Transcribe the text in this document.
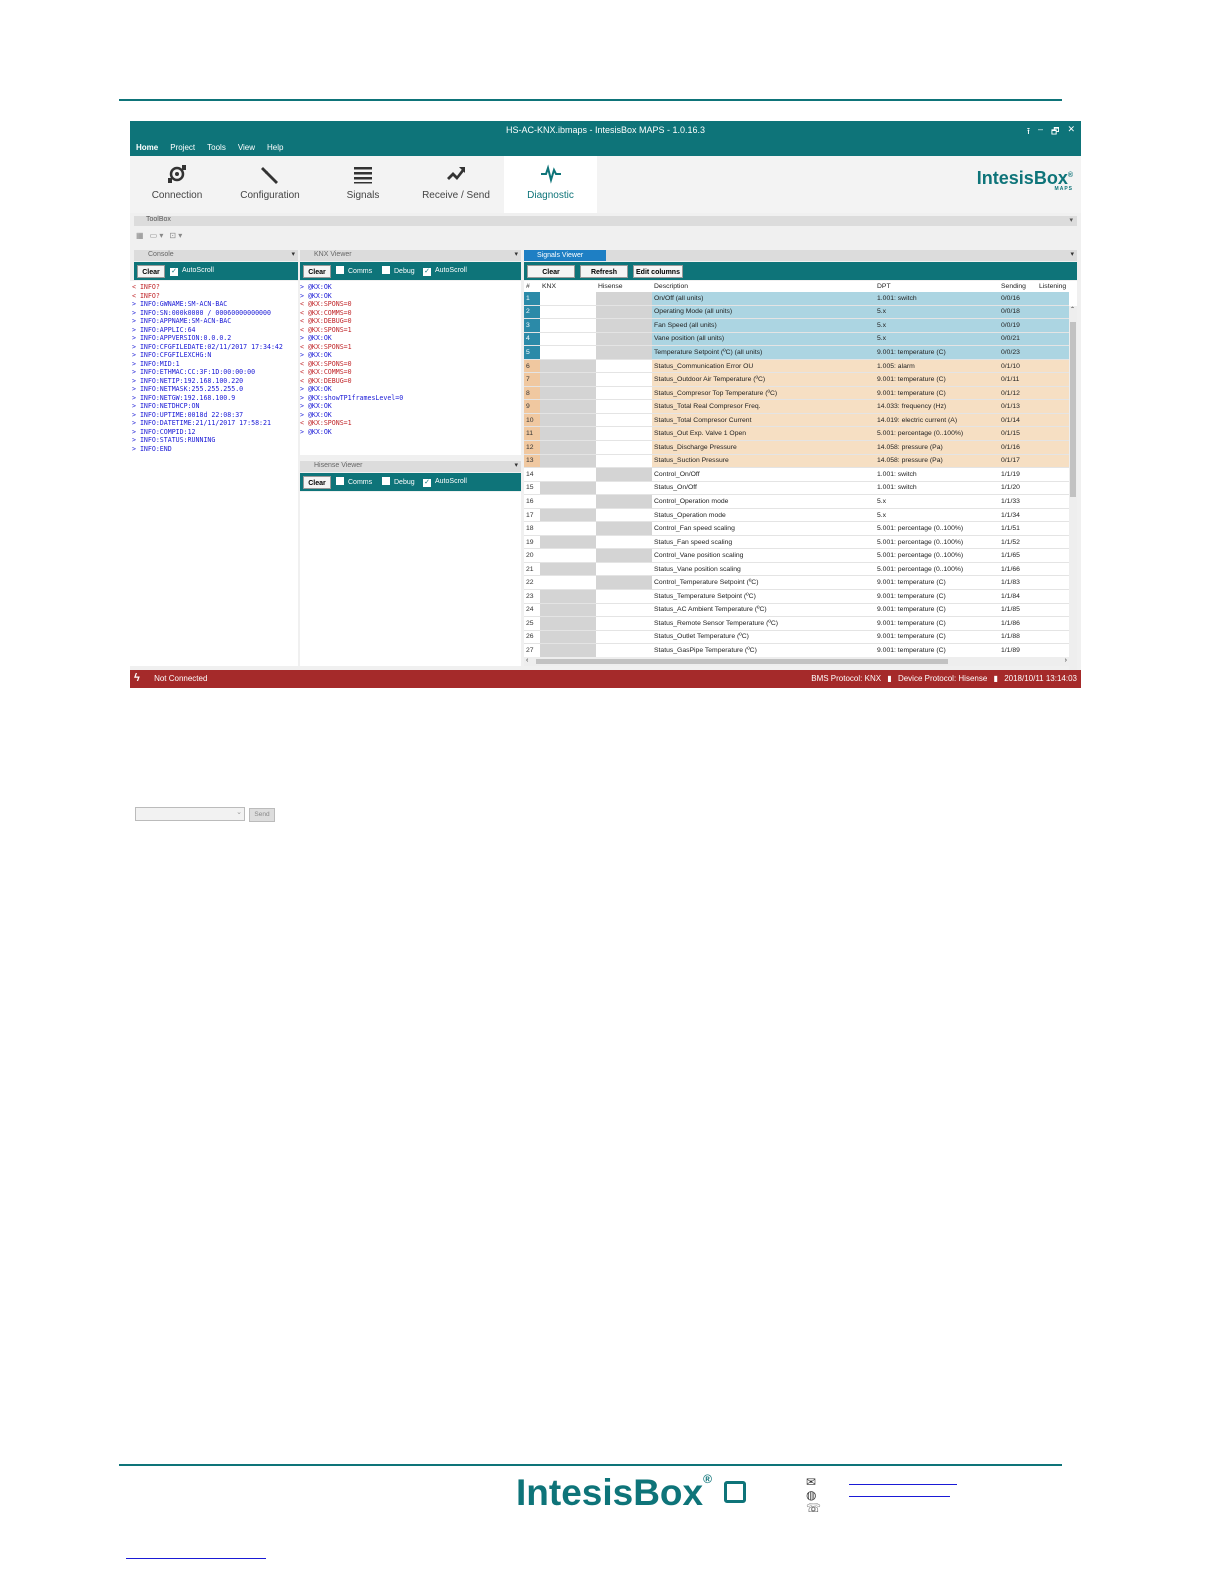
HS-AC-KNX.ibmaps - IntesisBox MAPS - 1.0.16.3	⭱ ‒ 🗗 ✕
Home Project Tools View Help
Connection	Configuration	Signals	Receive / Send	Diagnostic
IntesisBox®
MAPS
ToolBox	▾
▦ ▭ ▾ ⊡ ▾
Console	▾
Clear	✓ AutoScroll
< INFO?
< INFO?
> INFO:GWNAME:SM-ACN-BAC
> INFO:SN:000k0000 / 00060000000000
> INFO:APPNAME:SM-ACN-BAC
> INFO:APPLIC:64
> INFO:APPVERSION:0.0.0.2
> INFO:CFGFILEDATE:02/11/2017 17:34:42
> INFO:CFGFILEXCHG:N
> INFO:MID:1
> INFO:ETHMAC:CC:3F:1D:00:00:00
> INFO:NETIP:192.168.100.220
> INFO:NETMASK:255.255.255.0
> INFO:NETGW:192.168.100.9
> INFO:NETDHCP:ON
> INFO:UPTIME:0018d 22:08:37
> INFO:DATETIME:21/11/2017 17:58:21
> INFO:COMPID:12
> INFO:STATUS:RUNNING
> INFO:END
⌄	Send
KNX Viewer	▾
Clear	Comms	Debug ✓ AutoScroll
> @KX:OK
> @KX:OK
< @KX:SPONS=0
< @KX:COMMS=0
< @KX:DEBUG=0
< @KX:SPONS=1
> @KX:OK
< @KX:SPONS=1
> @KX:OK
< @KX:SPONS=0
< @KX:COMMS=0
< @KX:DEBUG=0
> @KX:OK
> @KX:showTP1framesLevel=0
> @KX:OK
> @KX:OK
< @KX:SPONS=1
> @KX:OK
Hisense Viewer	▾
Clear	Comms	Debug ✓ AutoScroll
Signals Viewer	▾
Clear	Refresh	Edit columns
#	KNX	Hisense	Description	DPT	Sending	Listening
1			On/Off (all units)	1.001: switch	0/0/16	
2			Operating Mode (all units)	5.x	0/0/18	
3			Fan Speed (all units)	5.x	0/0/19	
4			Vane position (all units)	5.x	0/0/21	
5			Temperature Setpoint (ºC) (all units)	9.001: temperature (C)	0/0/23	
6			Status_Communication Error OU	1.005: alarm	0/1/10	
7			Status_Outdoor Air Temperature (ºC)	9.001: temperature (C)	0/1/11	
8			Status_Compresor Top Temperature (ºC)	9.001: temperature (C)	0/1/12	
9			Status_Total Real Compresor Freq.	14.033: frequency (Hz)	0/1/13	
10			Status_Total Compresor Current	14.019: electric current (A)	0/1/14	
11			Status_Out Exp. Valve 1 Open	5.001: percentage (0..100%)	0/1/15	
12			Status_Discharge Pressure	14.058: pressure (Pa)	0/1/16	
13			Status_Suction Pressure	14.058: pressure (Pa)	0/1/17	
14			Control_On/Off	1.001: switch	1/1/19	
15			Status_On/Off	1.001: switch	1/1/20	
16			Control_Operation mode	5.x	1/1/33	
17			Status_Operation mode	5.x	1/1/34	
18			Control_Fan speed scaling	5.001: percentage (0..100%)	1/1/51	
19			Status_Fan speed scaling	5.001: percentage (0..100%)	1/1/52	
20			Control_Vane position scaling	5.001: percentage (0..100%)	1/1/65	
21			Status_Vane position scaling	5.001: percentage (0..100%)	1/1/66	
22			Control_Temperature Setpoint (ºC)	9.001: temperature (C)	1/1/83	
23			Status_Temperature Setpoint (ºC)	9.001: temperature (C)	1/1/84	
24			Status_AC Ambient Temperature (ºC)	9.001: temperature (C)	1/1/85	
25			Status_Remote Sensor Temperature (ºC)	9.001: temperature (C)	1/1/86	
26			Status_Outlet Temperature (ºC)	9.001: temperature (C)	1/1/88	
27			Status_GasPipe Temperature (ºC)	9.001: temperature (C)	1/1/89	
⌃
‹	›
ϟ Not Connected	BMS Protocol: KNX ▮ Device Protocol: Hisense ▮ 2018/10/11 13:14:03
IntesisBox®	✉
◍
☏
